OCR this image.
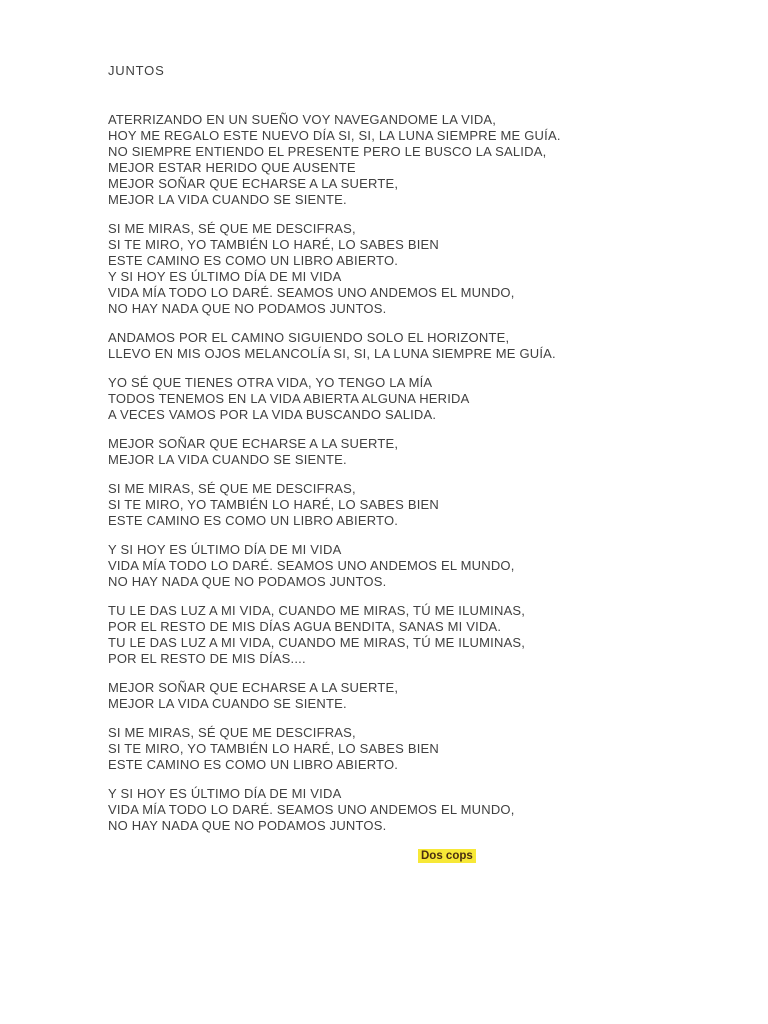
JUNTOS
ATERRIZANDO EN UN SUEÑO VOY NAVEGANDOME LA VIDA,
HOY ME REGALO ESTE NUEVO DÍA SI, SI, LA LUNA SIEMPRE ME GUÍA.
NO SIEMPRE ENTIENDO EL PRESENTE PERO LE BUSCO LA SALIDA,
MEJOR ESTAR HERIDO QUE AUSENTE
MEJOR SOÑAR QUE ECHARSE A LA SUERTE,
MEJOR LA VIDA CUANDO SE SIENTE.
SI ME MIRAS, SÉ QUE ME DESCIFRAS,
SI TE MIRO, YO TAMBIÉN LO HARÉ, LO SABES BIEN
ESTE CAMINO ES COMO UN LIBRO ABIERTO.
Y SI HOY ES ÚLTIMO DÍA DE MI VIDA
VIDA MÍA TODO LO DARÉ. SEAMOS UNO ANDEMOS EL MUNDO,
NO HAY NADA QUE NO PODAMOS JUNTOS.
ANDAMOS POR EL CAMINO SIGUIENDO SOLO EL HORIZONTE,
LLEVO EN MIS OJOS MELANCOLÍA SI, SI, LA LUNA SIEMPRE ME GUÍA.
YO SÉ QUE TIENES OTRA VIDA, YO TENGO LA MÍA
TODOS TENEMOS EN LA VIDA ABIERTA ALGUNA HERIDA
A VECES VAMOS POR LA VIDA BUSCANDO SALIDA.
MEJOR SOÑAR QUE ECHARSE A LA SUERTE,
MEJOR LA VIDA CUANDO SE SIENTE.
SI ME MIRAS, SÉ QUE ME DESCIFRAS,
SI TE MIRO, YO TAMBIÉN LO HARÉ, LO SABES BIEN
ESTE CAMINO ES COMO UN LIBRO ABIERTO.
Y SI HOY ES ÚLTIMO DÍA DE MI VIDA
VIDA MÍA TODO LO DARÉ. SEAMOS UNO ANDEMOS EL MUNDO,
NO HAY NADA QUE NO PODAMOS JUNTOS.
TU LE DAS LUZ A MI VIDA, CUANDO ME MIRAS, TÚ ME ILUMINAS,
POR EL RESTO DE MIS DÍAS AGUA BENDITA, SANAS MI VIDA.
TU LE DAS LUZ A MI VIDA, CUANDO ME MIRAS, TÚ ME ILUMINAS,
POR EL RESTO DE MIS DÍAS....
MEJOR SOÑAR QUE ECHARSE A LA SUERTE,
MEJOR LA VIDA CUANDO SE SIENTE.
SI ME MIRAS, SÉ QUE ME DESCIFRAS,
SI TE MIRO, YO TAMBIÉN LO HARÉ, LO SABES BIEN
ESTE CAMINO ES COMO UN LIBRO ABIERTO.
Y SI HOY ES ÚLTIMO DÍA DE MI VIDA
VIDA MÍA TODO LO DARÉ. SEAMOS UNO ANDEMOS EL MUNDO,
NO HAY NADA QUE NO PODAMOS JUNTOS.
Dos cops
